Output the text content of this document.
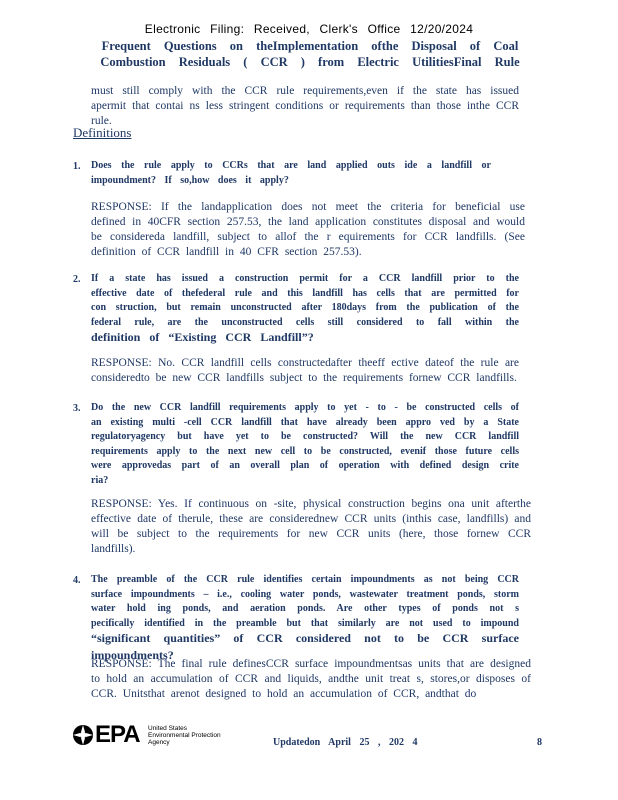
Electronic Filing: Received, Clerk's Office 12/20/2024
Frequent Questions on theImplementation ofthe Disposal of Coal
Combustion Residuals ( CCR ) from Electric UtilitiesFinal Rule
must still comply with the CCR rule requirements,even if the state has issued apermit that contai ns less stringent conditions or requirements than those inthe CCR rule.
Definitions
1. Does the rule apply to CCRs that are land applied outs ide a landfill or impoundment? If so,how does it apply?
RESPONSE: If the landapplication does not meet the criteria for beneficial use defined in 40CFR section 257.53, the land application constitutes disposal and would be considereda landfill, subject to allof the r equirements for CCR landfills. (See definition of CCR landfill in 40 CFR section 257.53).
2. If a state has issued a construction permit for a CCR landfill prior to the effective date of thefederal rule and this landfill has cells that are permitted for con struction, but remain unconstructed after 180days from the publication of the federal rule, are the unconstructed cells still considered to fall within the definition of “Existing CCR Landfill”?
RESPONSE: No. CCR landfill cells constructedafter theeff ective dateof the rule are consideredto be new CCR landfills subject to the requirements fornew CCR landfills.
3. Do the new CCR landfill requirements apply to yet - to - be constructed cells of an existing multi -cell CCR landfill that have already been appro ved by a State regulatoryagency but have yet to be constructed? Will the new CCR landfill requirements apply to the next new cell to be constructed, evenif those future cells were approvedas part of an overall plan of operation with defined design crite ria?
RESPONSE: Yes. If continuous on -site, physical construction begins ona unit afterthe effective date of therule, these are considerednew CCR units (inthis case, landfills) and will be subject to the requirements for new CCR units (here, those fornew CCR landfills).
4. The preamble of the CCR rule identifies certain impoundments as not being CCR surface impoundments – i.e., cooling water ponds, wastewater treatment ponds, storm water hold ing ponds, and aeration ponds. Are other types of ponds not s pecifically identified in the preamble but that similarly are not used to impound “significant quantities” of CCR considered not to be CCR surface impoundments?
RESPONSE: The final rule definesCCR surface impoundmentsas units that are designed to hold an accumulation of CCR and liquids, andthe unit treat s, stores,or disposes of CCR. Unitsthat arenot designed to hold an accumulation of CCR, andthat do
EPA United States
Environmental Protection
Agency	Updatedon April 25 , 202 4	8
